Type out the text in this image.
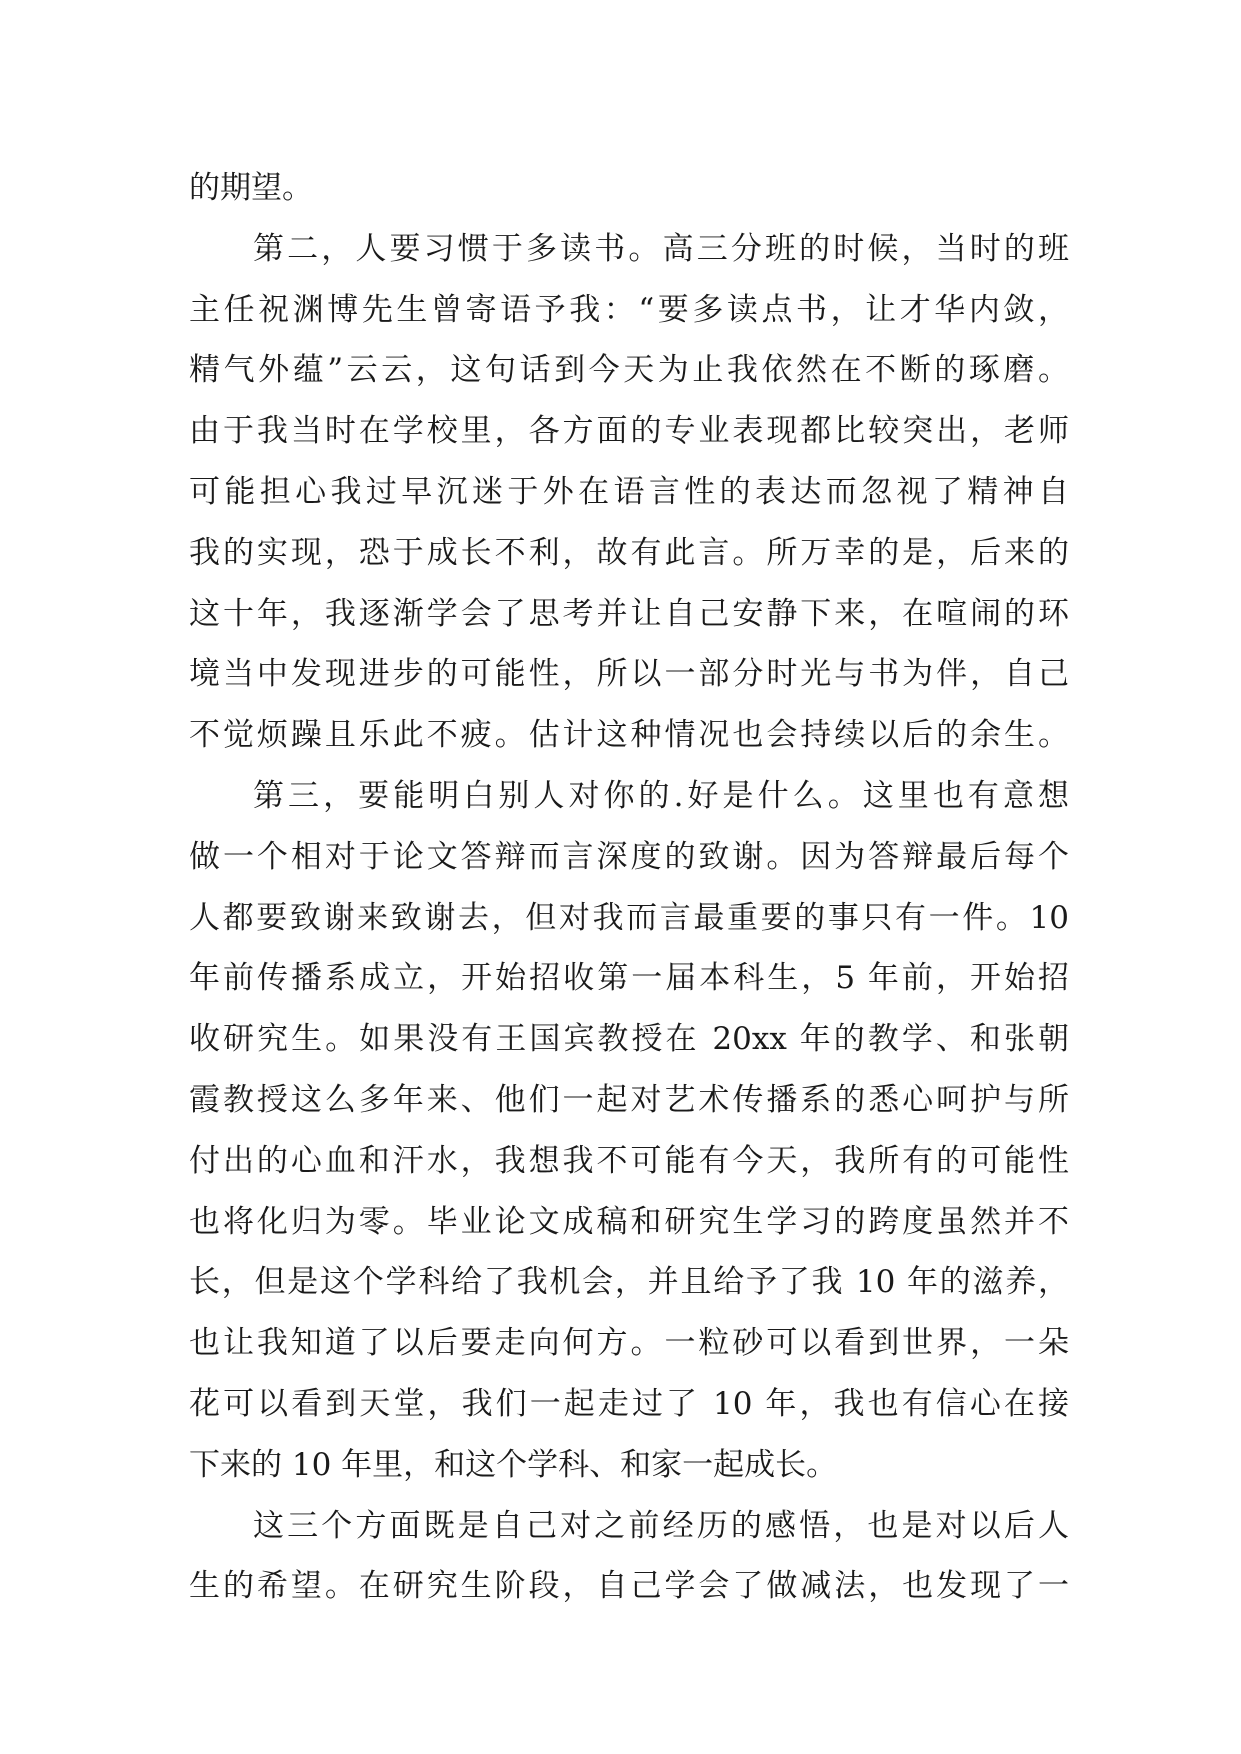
的期望。
第二，人要习惯于多读书。高三分班的时候，当时的班
主任祝渊博先生曾寄语予我：“要多读点书，让才华内敛，
精气外蕴”云云，这句话到今天为止我依然在不断的琢磨。
由于我当时在学校里，各方面的专业表现都比较突出，老师
可能担心我过早沉迷于外在语言性的表达而忽视了精神自
我的实现，恐于成长不利，故有此言。所万幸的是，后来的
这十年，我逐渐学会了思考并让自己安静下来，在喧闹的环
境当中发现进步的可能性，所以一部分时光与书为伴，自己
不觉烦躁且乐此不疲。估计这种情况也会持续以后的余生。
第三，要能明白别人对你的.好是什么。这里也有意想
做一个相对于论文答辩而言深度的致谢。因为答辩最后每个
人都要致谢来致谢去，但对我而言最重要的事只有一件。10
年前传播系成立，开始招收第一届本科生，5 年前，开始招
收研究生。如果没有王国宾教授在 20xx 年的教学、和张朝
霞教授这么多年来、他们一起对艺术传播系的悉心呵护与所
付出的心血和汗水，我想我不可能有今天，我所有的可能性
也将化归为零。毕业论文成稿和研究生学习的跨度虽然并不
长，但是这个学科给了我机会，并且给予了我 10 年的滋养，
也让我知道了以后要走向何方。一粒砂可以看到世界，一朵
花可以看到天堂，我们一起走过了 10 年，我也有信心在接
下来的 10 年里，和这个学科、和家一起成长。
这三个方面既是自己对之前经历的感悟，也是对以后人
生的希望。在研究生阶段，自己学会了做减法，也发现了一
